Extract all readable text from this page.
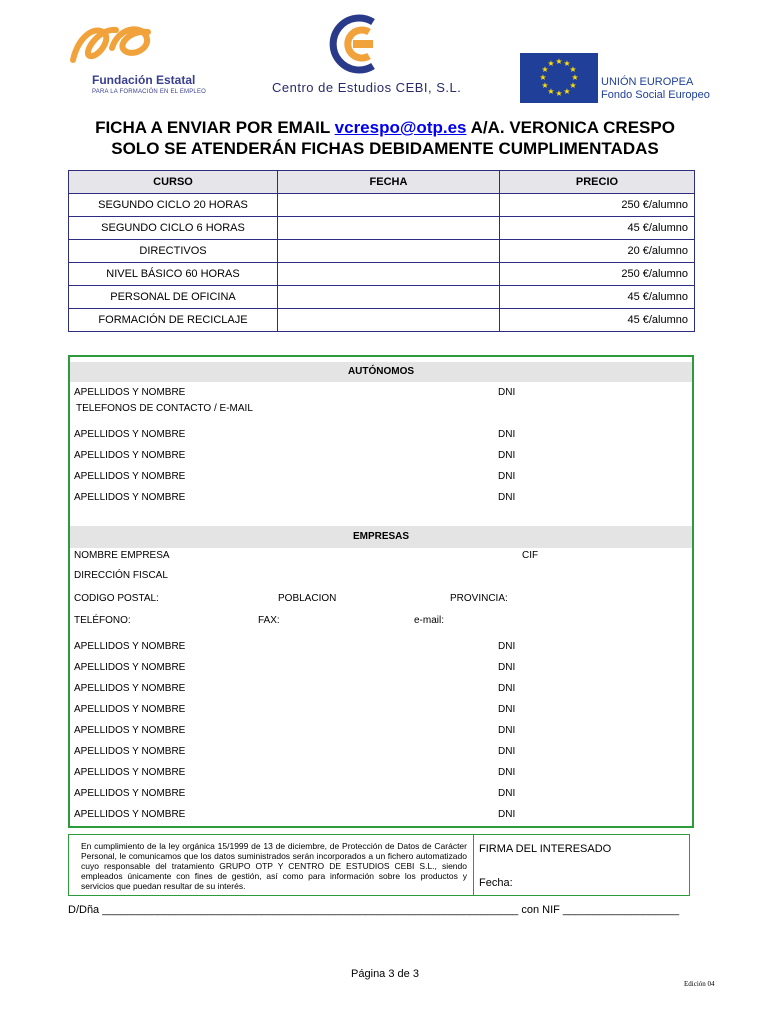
Fundación Estatal
PARA LA FORMACIÓN EN EL EMPLEO	Centro de Estudios CEBI, S.L.
★ ★
★
★
★
★
★
★
★
★
★
★
UNIÓN EUROPEA
Fondo Social Europeo
FICHA A ENVIAR POR EMAIL vcrespo@otp.es A/A. VERONICA CRESPO
SOLO SE ATENDERÁN FICHAS DEBIDAMENTE CUMPLIMENTADAS
CURSO	FECHA	PRECIO
SEGUNDO CICLO 20 HORAS		250 €/alumno
SEGUNDO CICLO 6 HORAS		45 €/alumno
DIRECTIVOS		20 €/alumno
NIVEL BÁSICO 60 HORAS		250 €/alumno
PERSONAL DE OFICINA		45 €/alumno
FORMACIÓN DE RECICLAJE		45 €/alumno
AUTÓNOMOS
APELLIDOS Y NOMBRE	DNI
TELEFONOS DE CONTACTO / E-MAIL
APELLIDOS Y NOMBRE	DNI
APELLIDOS Y NOMBRE	DNI
APELLIDOS Y NOMBRE	DNI
APELLIDOS Y NOMBRE	DNI
EMPRESAS
NOMBRE EMPRESA	CIF
DIRECCIÓN FISCAL
CODIGO POSTAL:	POBLACION	PROVINCIA:
TELÉFONO:	FAX:	e-mail:
APELLIDOS Y NOMBRE	DNI
APELLIDOS Y NOMBRE	DNI
APELLIDOS Y NOMBRE	DNI
APELLIDOS Y NOMBRE	DNI
APELLIDOS Y NOMBRE	DNI
APELLIDOS Y NOMBRE	DNI
APELLIDOS Y NOMBRE	DNI
APELLIDOS Y NOMBRE	DNI
APELLIDOS Y NOMBRE	DNI
En cumplimiento de la ley orgánica 15/1999 de 13 de diciembre, de Protección de Datos de Carácter Personal, le comunicamos que los datos suministrados serán incorporados a un fichero automatizado cuyo responsable del tratamiento GRUPO OTP Y CENTRO DE ESTUDIOS CEBI S.L., siendo empleados únicamente con fines de gestión, así como para información sobre los productos y servicios que puedan resultar de su interés.
FIRMA DEL INTERESADO
Fecha:
D/Dña ____________________________________________________________________ con NIF ___________________
Página 3 de 3
Edición 04
